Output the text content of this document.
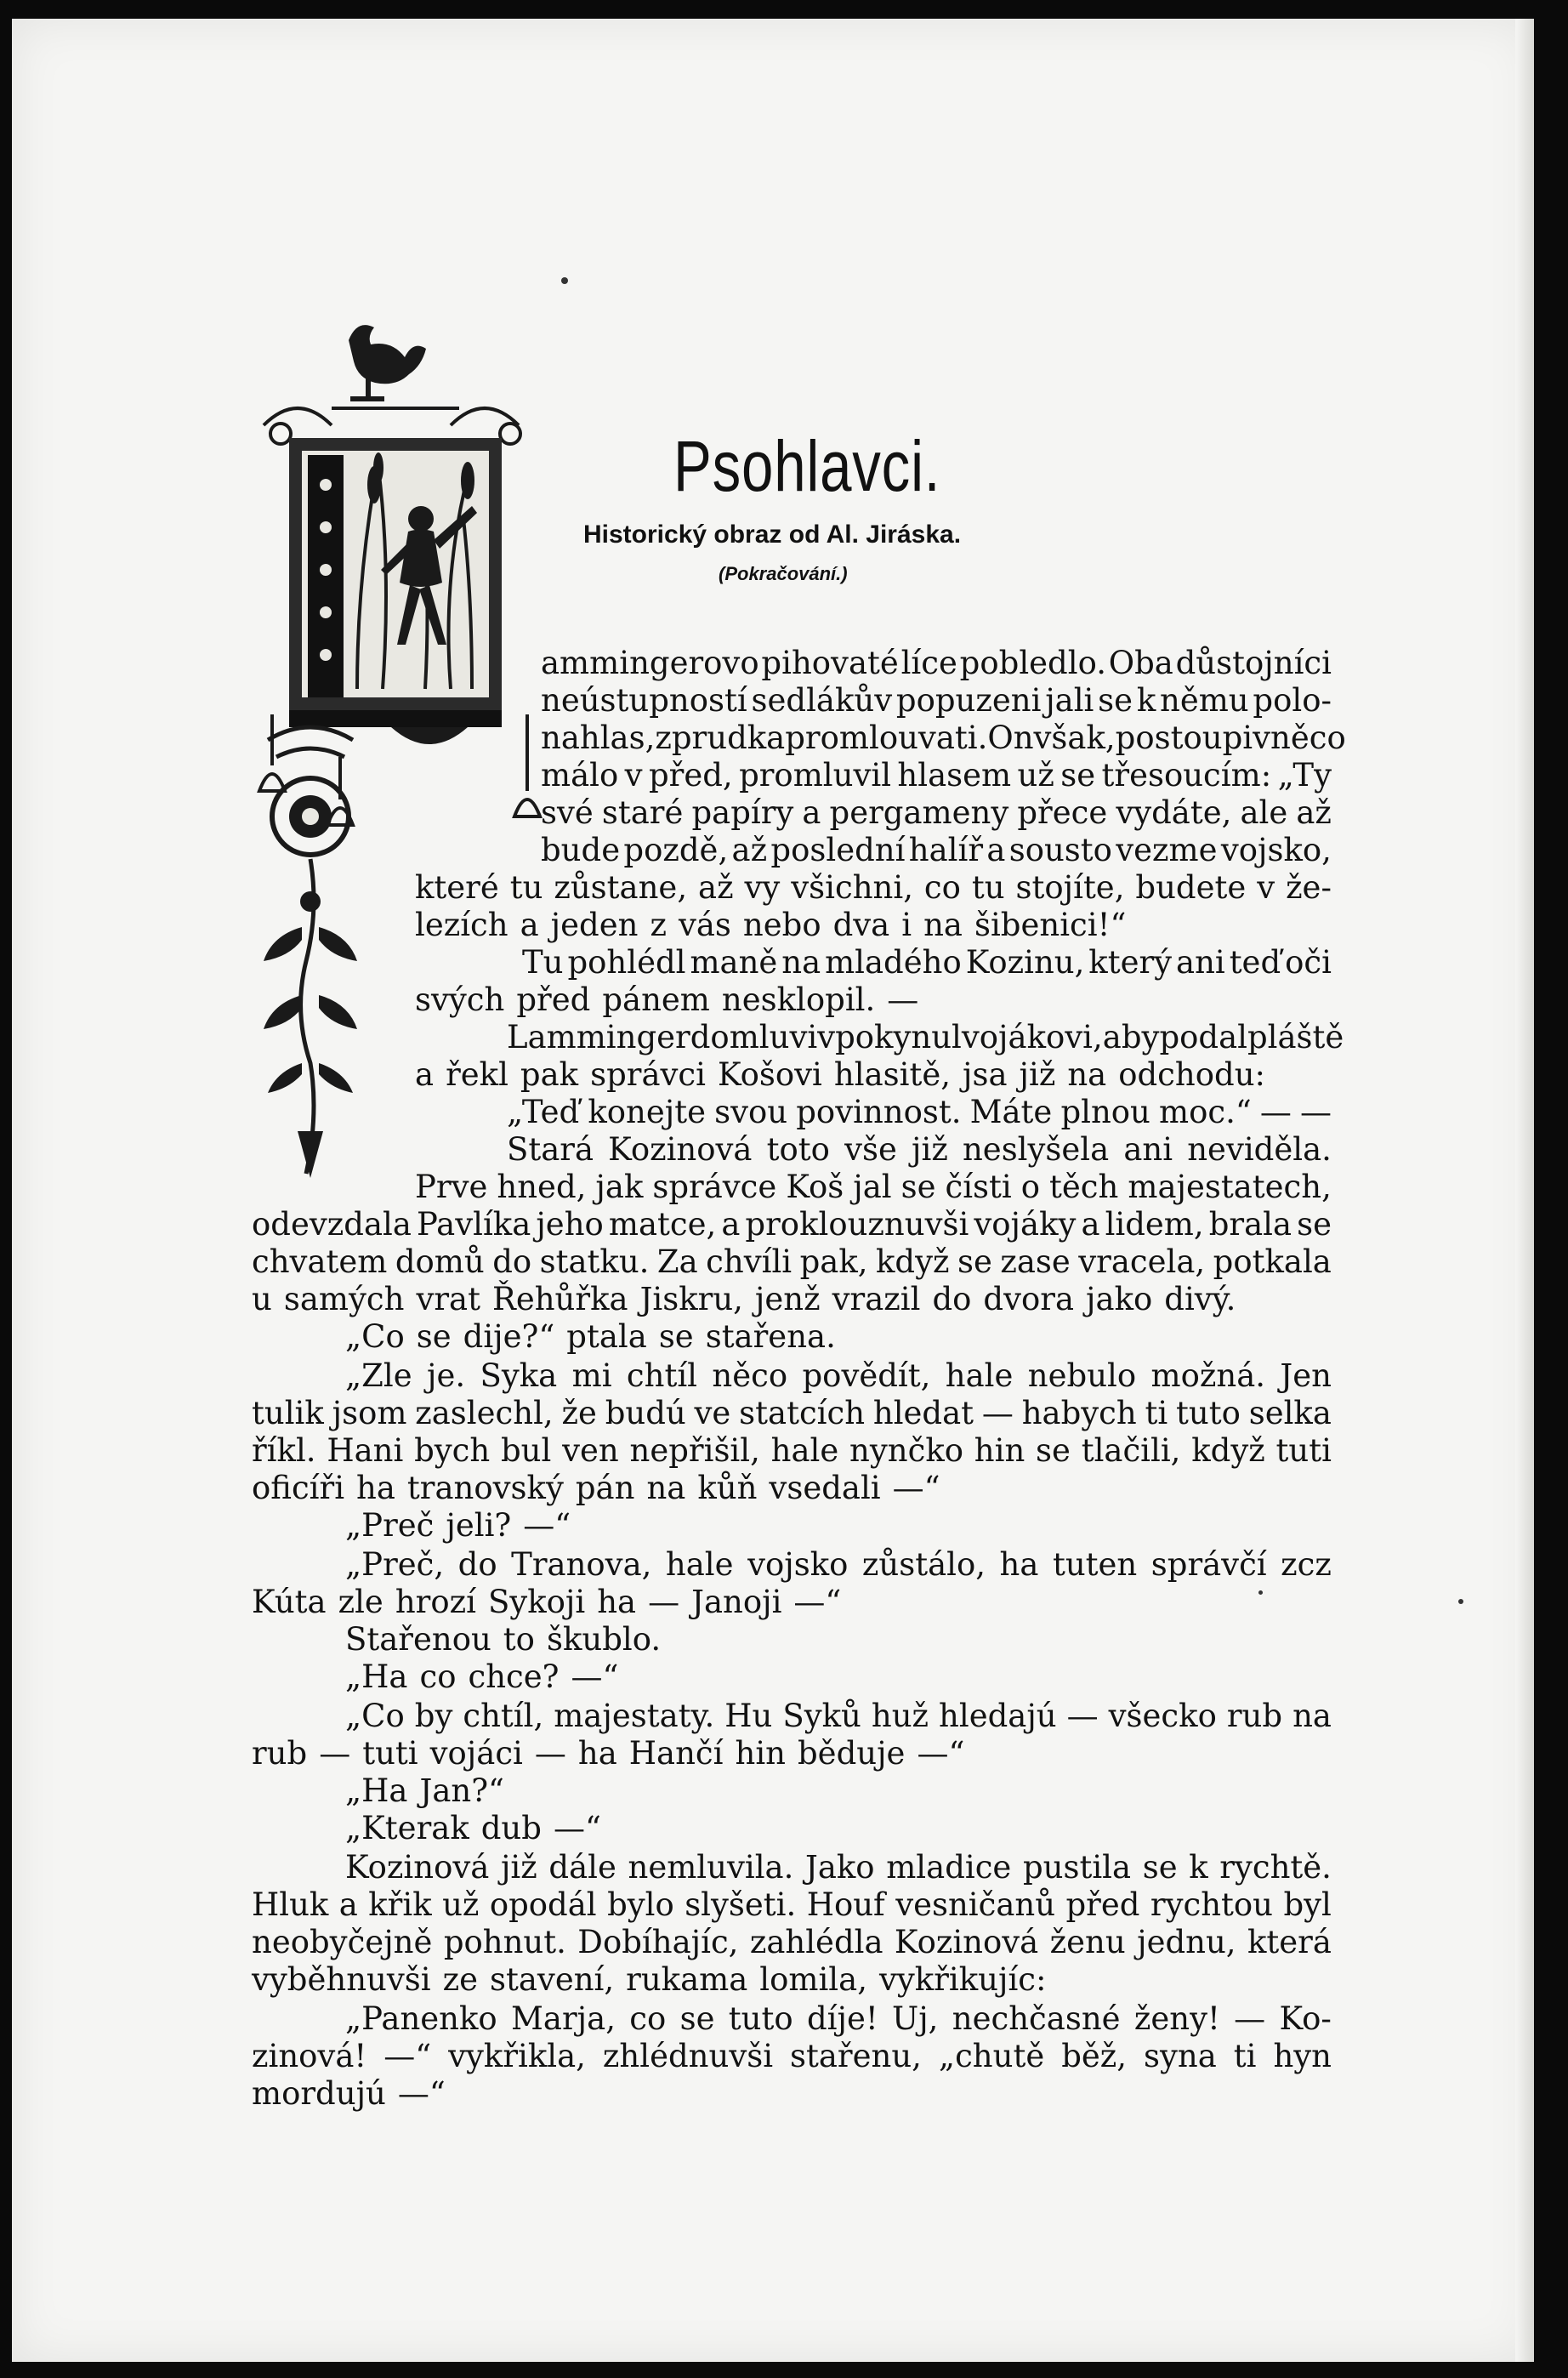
Psohlavci.
Historický obraz od Al. Jiráska.
(Pokračování.)
ammingerovo pihovaté líce pobledlo. Oba důstojníci
neústupností sedlákův popuzeni jali se k němu polo-
nahlas, zprudka promlouvati. On však, postoupiv něco
málo v před, promluvil hlasem už se třesoucím: „Ty
své staré papíry a pergameny přece vydáte, ale až
bude pozdě, až poslední halíř a sousto vezme vojsko,
které tu zůstane, až vy všichni, co tu stojíte, budete v že-
lezích a jeden z vás nebo dva i na šibenici!“
Tu pohlédl maně na mladého Kozinu, který ani teď oči
svých před pánem nesklopil. —
Lamminger domluviv pokynul vojákovi, aby podal pláště
a řekl pak správci Košovi hlasitě, jsa již na odchodu:
„Teď konejte svou povinnost. Máte plnou moc.“ — —
Stará Kozinová toto vše již neslyšela ani neviděla.
Prve hned, jak správce Koš jal se čísti o těch majestatech,
odevzdala Pavlíka jeho matce, a proklouznuvši vojáky a lidem, brala se
chvatem domů do statku. Za chvíli pak, když se zase vracela, potkala
u samých vrat Řehůřka Jiskru, jenž vrazil do dvora jako divý.
„Co se dije?“ ptala se stařena.
„Zle je. Syka mi chtíl něco povědít, hale nebulo možná. Jen
tulik jsom zaslechl, že budú ve statcích hledat — habych ti tuto selka
říkl. Hani bych bul ven nepřišil, hale nynčko hin se tlačili, když tuti
oficíři ha tranovský pán na kůň vsedali —“
„Preč jeli? —“
„Preč, do Tranova, hale vojsko zůstálo, ha tuten správčí zcz
Kúta zle hrozí Sykoji ha — Janoji —“
Stařenou to škublo.
„Ha co chce? —“
„Co by chtíl, majestaty. Hu Syků huž hledajú — všecko rub na
rub — tuti vojáci — ha Hančí hin běduje —“
„Ha Jan?“
„Kterak dub —“
Kozinová již dále nemluvila. Jako mladice pustila se k rychtě.
Hluk a křik už opodál bylo slyšeti. Houf vesničanů před rychtou byl
neobyčejně pohnut. Dobíhajíc, zahlédla Kozinová ženu jednu, která
vyběhnuvši ze stavení, rukama lomila, vykřikujíc:
„Panenko Marja, co se tuto díje! Uj, nechčasné ženy! — Ko-
zinová! —“ vykřikla, zhlédnuvši stařenu, „chutě běž, syna ti hyn
mordujú —“
